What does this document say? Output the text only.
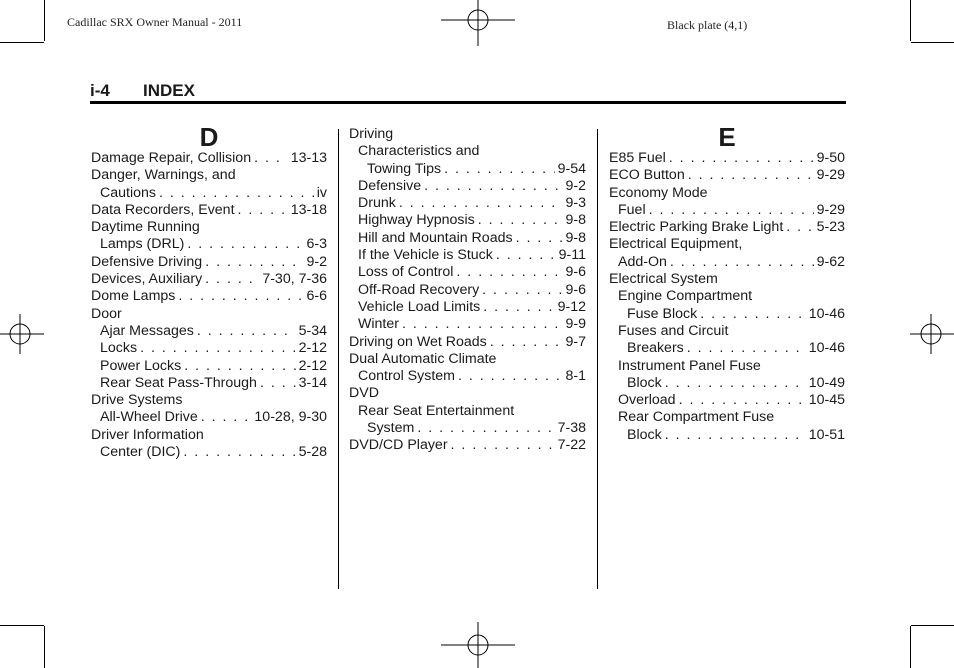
Cadillac SRX Owner Manual - 2011	Black plate (4,1)
i-4 INDEX
D
Damage Repair, Collision . . .	13-13
Danger, Warnings, and
Cautions . . .	iv
Data Recorders, Event . . .	13-18
Daytime Running
Lamps (DRL) . . .	6-3
Defensive Driving . . .	9-2
Devices, Auxiliary . . .	7-30, 7-36
Dome Lamps . . .	6-6
Door
Ajar Messages . . .	5-34
Locks . . .	2-12
Power Locks . . .	2-12
Rear Seat Pass-Through . . .	3-14
Drive Systems
All-Wheel Drive . . .	10-28, 9-30
Driver Information
Center (DIC) . . .	5-28
Driving
Characteristics and
Towing Tips . . .	9-54
Defensive . . .	9-2
Drunk . . .	9-3
Highway Hypnosis . . .	9-8
Hill and Mountain Roads . . .	9-8
If the Vehicle is Stuck . . .	9-11
Loss of Control . . .	9-6
Off-Road Recovery . . .	9-6
Vehicle Load Limits . . .	9-12
Winter . . .	9-9
Driving on Wet Roads . . .	9-7
Dual Automatic Climate
Control System . . .	8-1
DVD
Rear Seat Entertainment
System . . .	7-38
DVD/CD Player . . .	7-22
E
E85 Fuel . . .	9-50
ECO Button . . .	9-29
Economy Mode
Fuel . . .	9-29
Electric Parking Brake Light . . . 5-23
Electrical Equipment,
Add-On . . .	9-62
Electrical System
Engine Compartment
Fuse Block . . .	10-46
Fuses and Circuit
Breakers . . .	10-46
Instrument Panel Fuse
Block . . .	10-49
Overload . . .	10-45
Rear Compartment Fuse
Block . . .	10-51
